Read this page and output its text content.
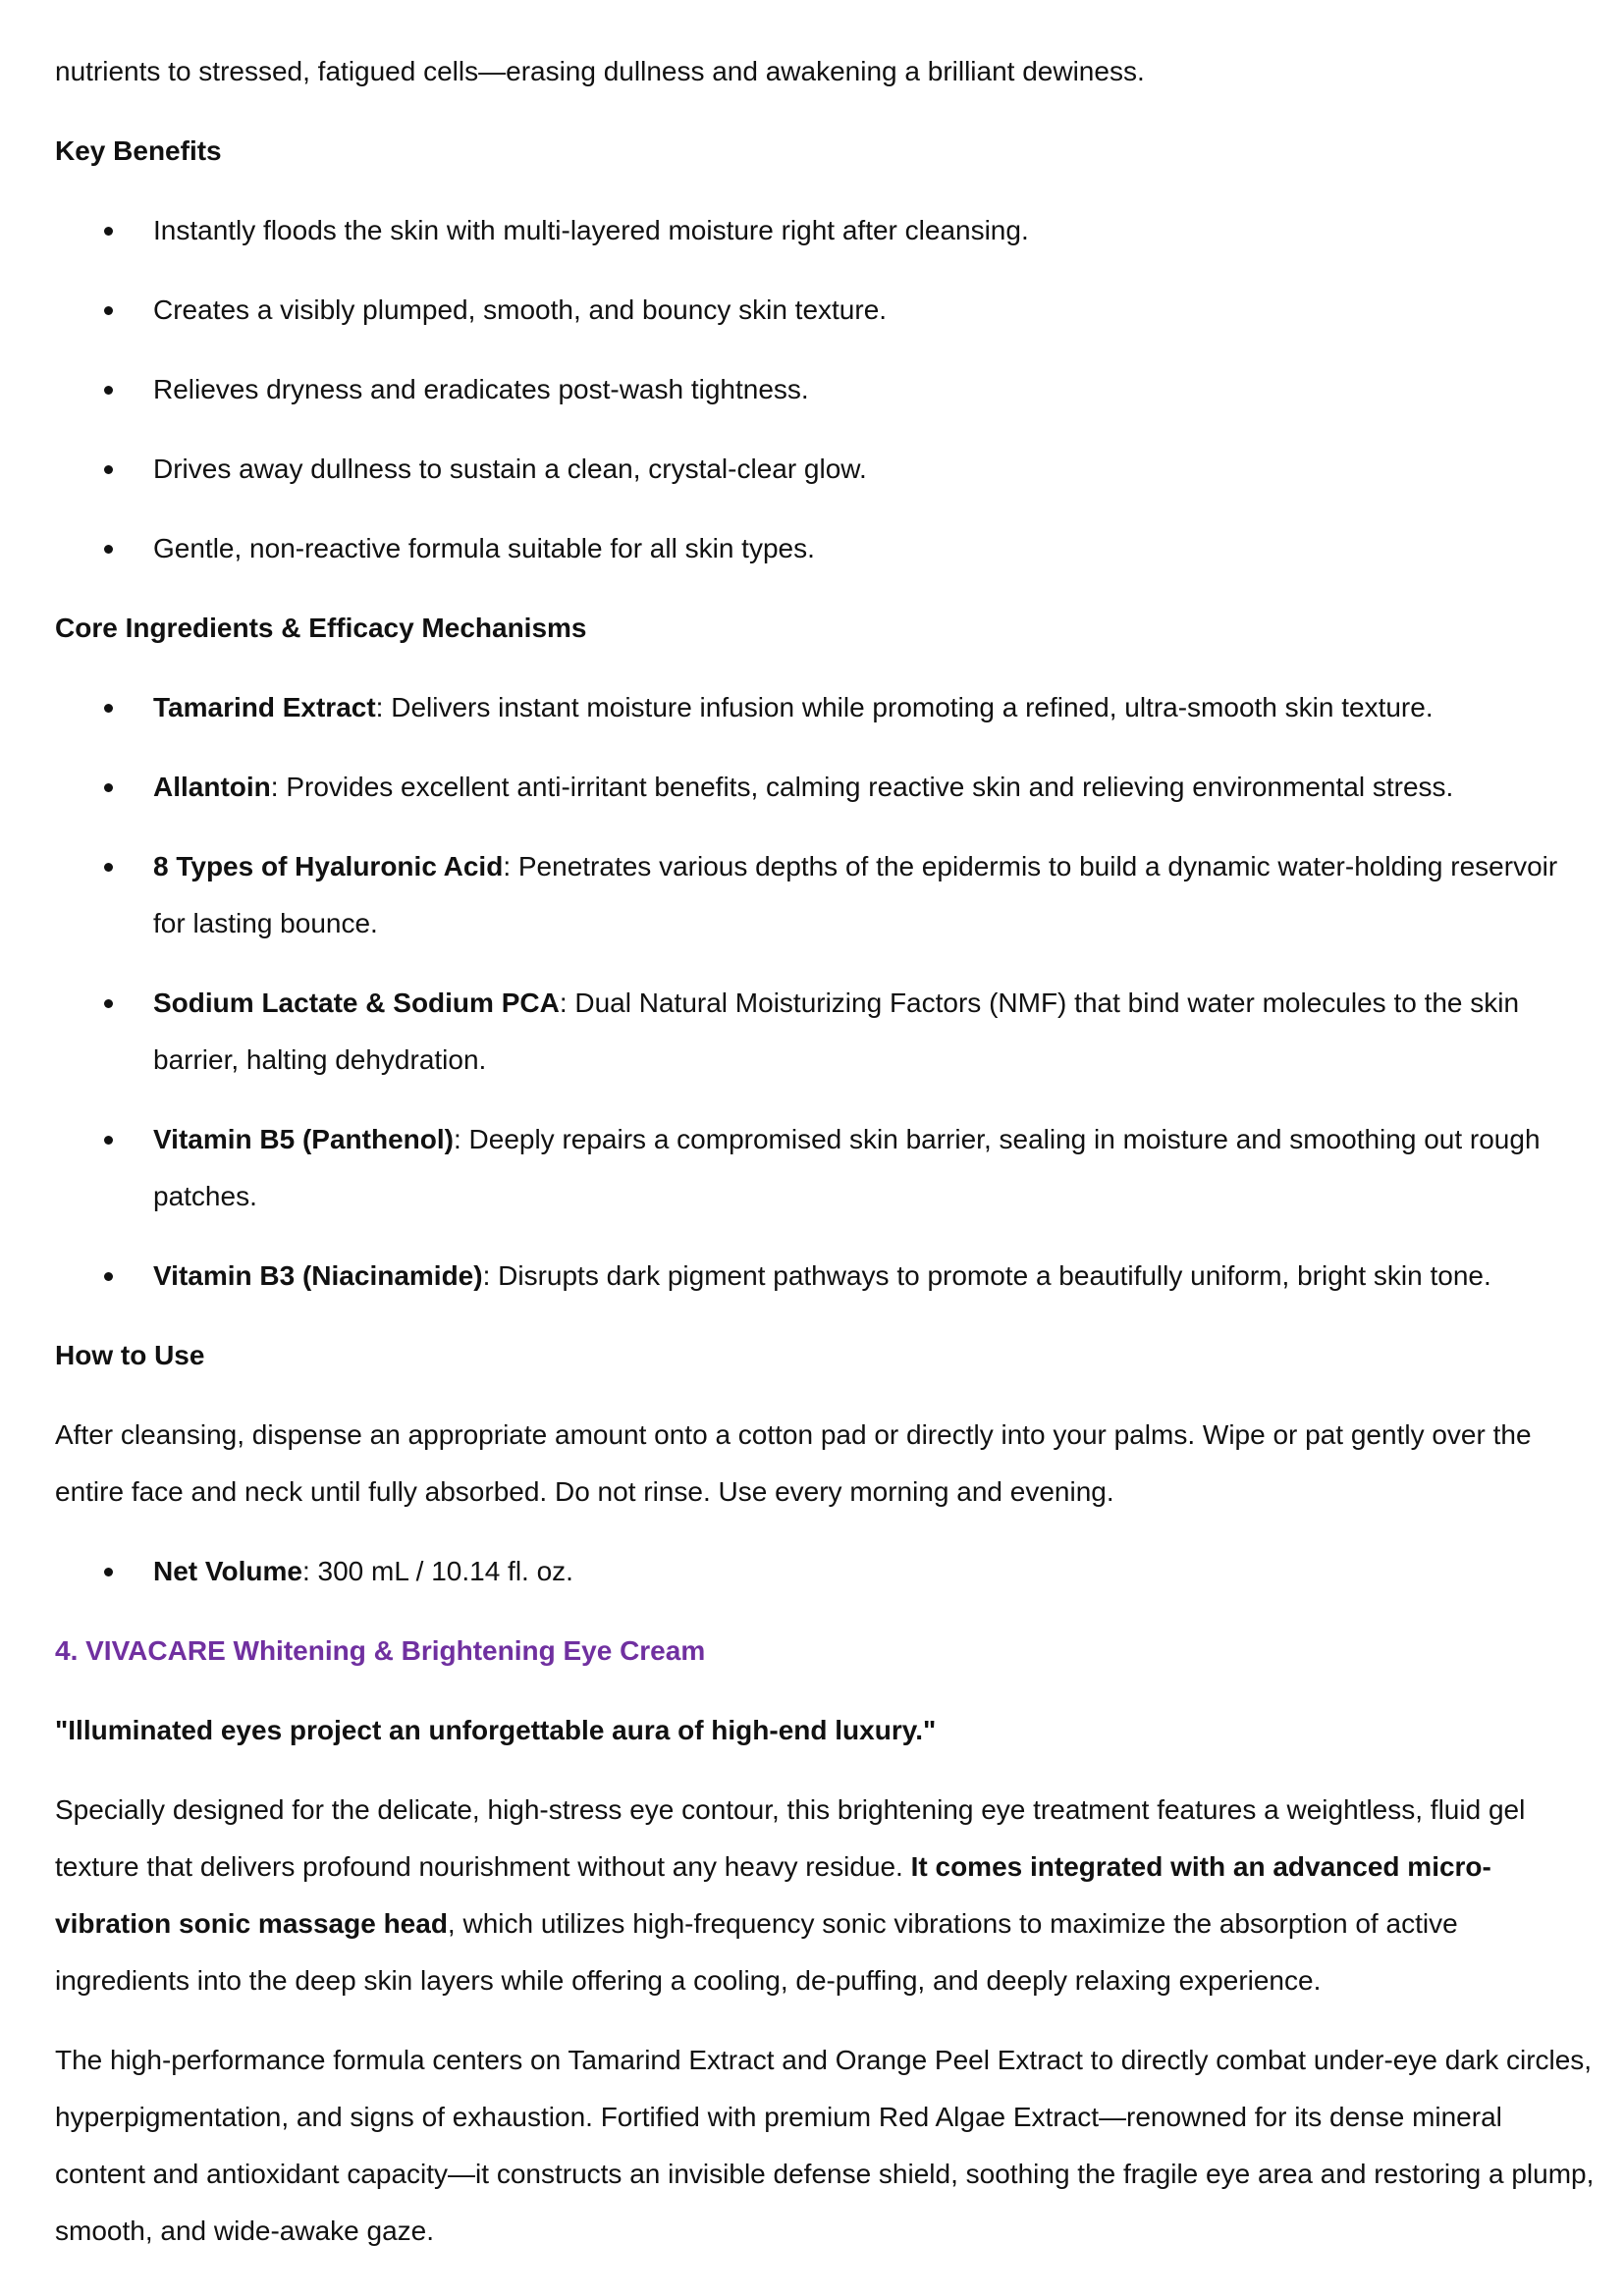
nutrients to stressed, fatigued cells—erasing dullness and awakening a brilliant dewiness.

Key Benefits

Instantly floods the skin with multi-layered moisture right after cleansing.
Creates a visibly plumped, smooth, and bouncy skin texture.
Relieves dryness and eradicates post-wash tightness.
Drives away dullness to sustain a clean, crystal-clear glow.
Gentle, non-reactive formula suitable for all skin types.

Core Ingredients & Efficacy Mechanisms

Tamarind Extract: Delivers instant moisture infusion while promoting a refined, ultra-smooth skin texture.
Allantoin: Provides excellent anti-irritant benefits, calming reactive skin and relieving environmental stress.
8 Types of Hyaluronic Acid: Penetrates various depths of the epidermis to build a dynamic water-holding reservoir for lasting bounce.
Sodium Lactate & Sodium PCA: Dual Natural Moisturizing Factors (NMF) that bind water molecules to the skin barrier, halting dehydration.
Vitamin B5 (Panthenol): Deeply repairs a compromised skin barrier, sealing in moisture and smoothing out rough patches.
Vitamin B3 (Niacinamide): Disrupts dark pigment pathways to promote a beautifully uniform, bright skin tone.

How to Use

After cleansing, dispense an appropriate amount onto a cotton pad or directly into your palms. Wipe or pat gently over the entire face and neck until fully absorbed. Do not rinse. Use every morning and evening.

Net Volume: 300 mL / 10.14 fl. oz.

4. VIVACARE Whitening & Brightening Eye Cream

"Illuminated eyes project an unforgettable aura of high-end luxury."

Specially designed for the delicate, high-stress eye contour, this brightening eye treatment features a weightless, fluid gel texture that delivers profound nourishment without any heavy residue. It comes integrated with an advanced micro-vibration sonic massage head, which utilizes high-frequency sonic vibrations to maximize the absorption of active ingredients into the deep skin layers while offering a cooling, de-puffing, and deeply relaxing experience.

The high-performance formula centers on Tamarind Extract and Orange Peel Extract to directly combat under-eye dark circles, hyperpigmentation, and signs of exhaustion. Fortified with premium Red Algae Extract—renowned for its dense mineral content and antioxidant capacity—it constructs an invisible defense shield, soothing the fragile eye area and restoring a plump, smooth, and wide-awake gaze.
